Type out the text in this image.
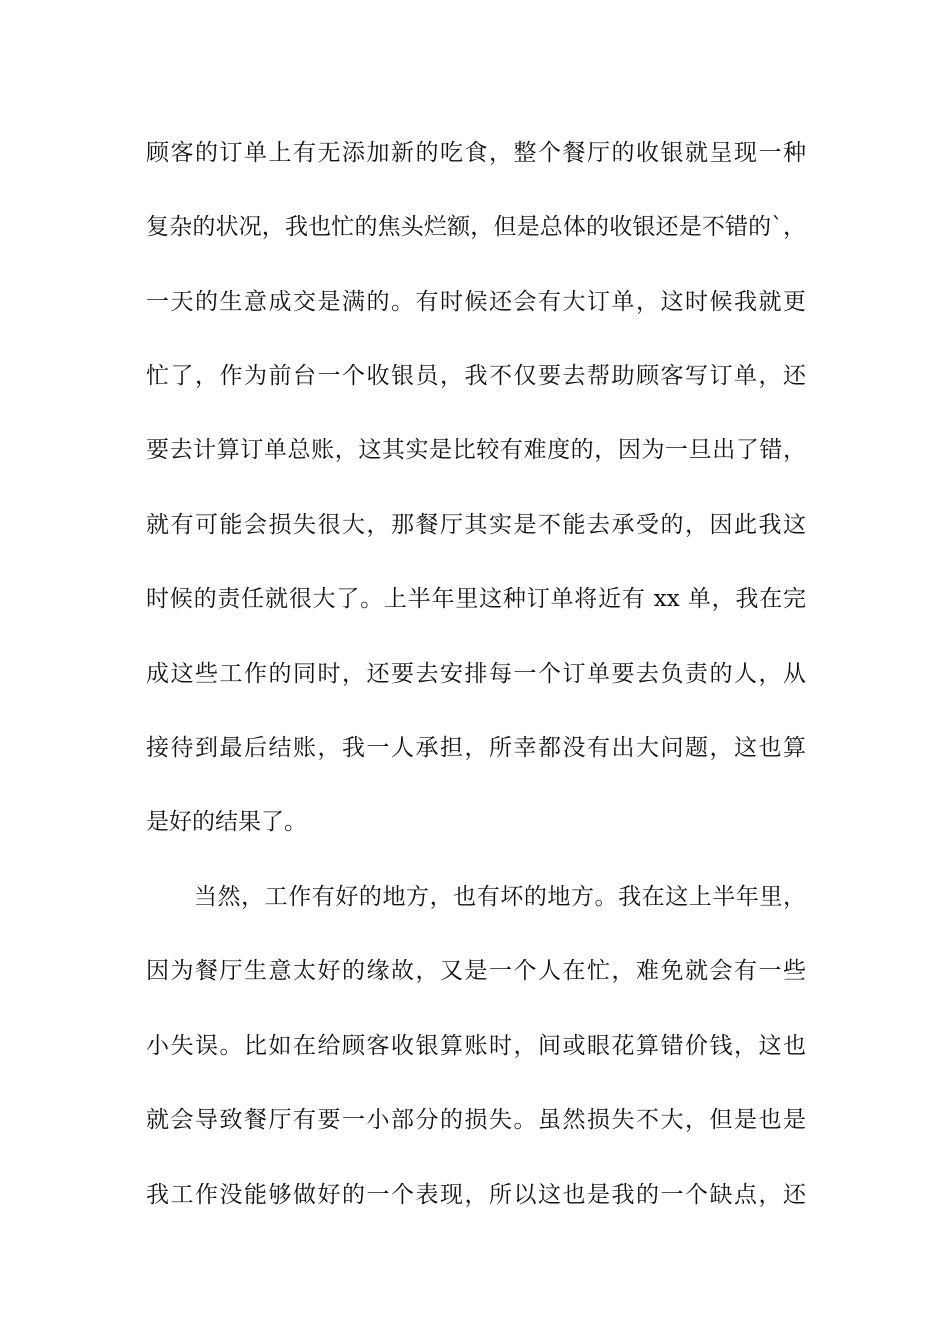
顾客的订单上有无添加新的吃食，整个餐厅的收银就呈现一种
复杂的状况，我也忙的焦头烂额，但是总体的收银还是不错的`，
一天的生意成交是满的。有时候还会有大订单，这时候我就更
忙了，作为前台一个收银员，我不仅要去帮助顾客写订单，还
要去计算订单总账，这其实是比较有难度的，因为一旦出了错，
就有可能会损失很大，那餐厅其实是不能去承受的，因此我这
时候的责任就很大了。上半年里这种订单将近有 xx 单，我在完
成这些工作的同时，还要去安排每一个订单要去负责的人，从
接待到最后结账，我一人承担，所幸都没有出大问题，这也算
是好的结果了。
当然，工作有好的地方，也有坏的地方。我在这上半年里，
因为餐厅生意太好的缘故，又是一个人在忙，难免就会有一些
小失误。比如在给顾客收银算账时，间或眼花算错价钱，这也
就会导致餐厅有要一小部分的损失。虽然损失不大，但是也是
我工作没能够做好的一个表现，所以这也是我的一个缺点，还
